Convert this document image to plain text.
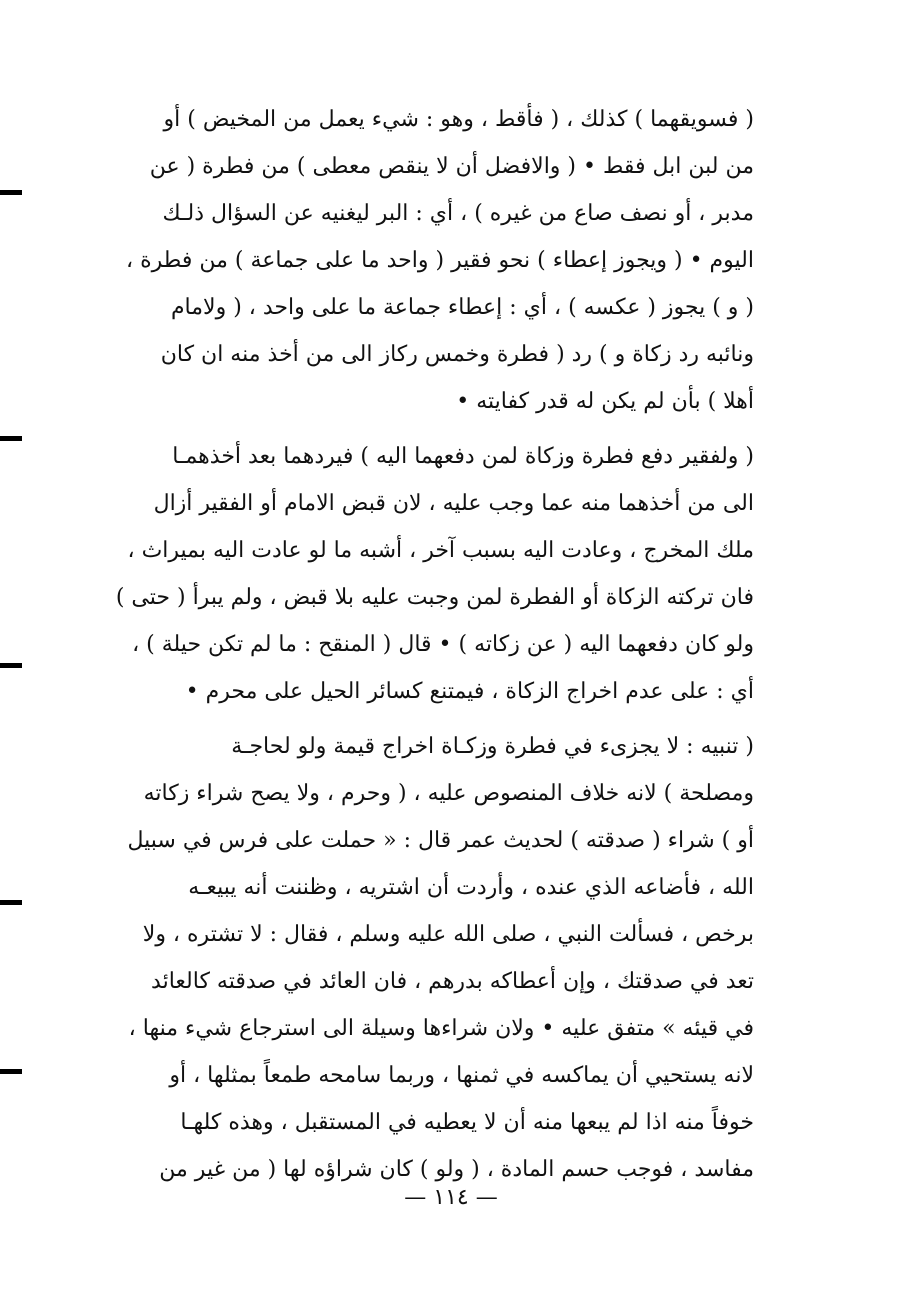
( فسويقهما ) كذلك ، ( فأقط ، وهو : شيء يعمل من المخيض ) أو
من لبن ابل فقط • ( والافضل أن لا ينقص معطى ) من فطرة ( عن
مدبر ، أو نصف صاع من غيره ) ، أي : البر ليغنيه عن السؤال ذلـك
اليوم • ( ويجوز إعطاء ) نحو فقير ( واحد ما على جماعة ) من فطرة ،
( و ) يجوز ( عكسه ) ، أي : إعطاء جماعة ما على واحد ، ( ولامام
ونائبه رد زكاة و ) رد ( فطرة وخمس ركاز الى من أخذ منه ان كان
أهلا ) بأن لم يكن له قدر كفايته •
( ولفقير دفع فطرة وزكاة لمن دفعهما اليه ) فيردهما بعد أخذهمـا
الى من أخذهما منه عما وجب عليه ، لان قبض الامام أو الفقير أزال
ملك المخرج ، وعادت اليه بسبب آخر ، أشبه ما لو عادت اليه بميراث ،
فان تركته الزكاة أو الفطرة لمن وجبت عليه بلا قبض ، ولم يبرأ ( حتى )
ولو كان دفعهما اليه ( عن زكاته ) • قال ( المنقح : ما لم تكن حيلة ) ،
أي : على عدم اخراج الزكاة ، فيمتنع كسائر الحيل على محرم •
( تنبيه : لا يجزىء في فطرة وزكـاة اخراج قيمة ولو لحاجـة
ومصلحة ) لانه خلاف المنصوص عليه ، ( وحرم ، ولا يصح شراء زكاته
أو ) شراء ( صدقته ) لحديث عمر قال : « حملت على فرس في سبيل
الله ، فأضاعه الذي عنده ، وأردت أن اشتريه ، وظننت أنه يبيعـه
برخص ، فسألت النبي ، صلى الله عليه وسلم ، فقال : لا تشتره ، ولا
تعد في صدقتك ، وإن أعطاكه بدرهم ، فان العائد في صدقته كالعائد
في قيئه » متفق عليه • ولان شراءها وسيلة الى استرجاع شيء منها ،
لانه يستحيي أن يماكسه في ثمنها ، وربما سامحه طمعاً بمثلها ، أو
خوفاً منه اذا لم يبعها منه أن لا يعطيه في المستقبل ، وهذه كلهـا
مفاسد ، فوجب حسم المادة ، ( ولو ) كان شراؤه لها ( من غير من
— ١١٤ —
